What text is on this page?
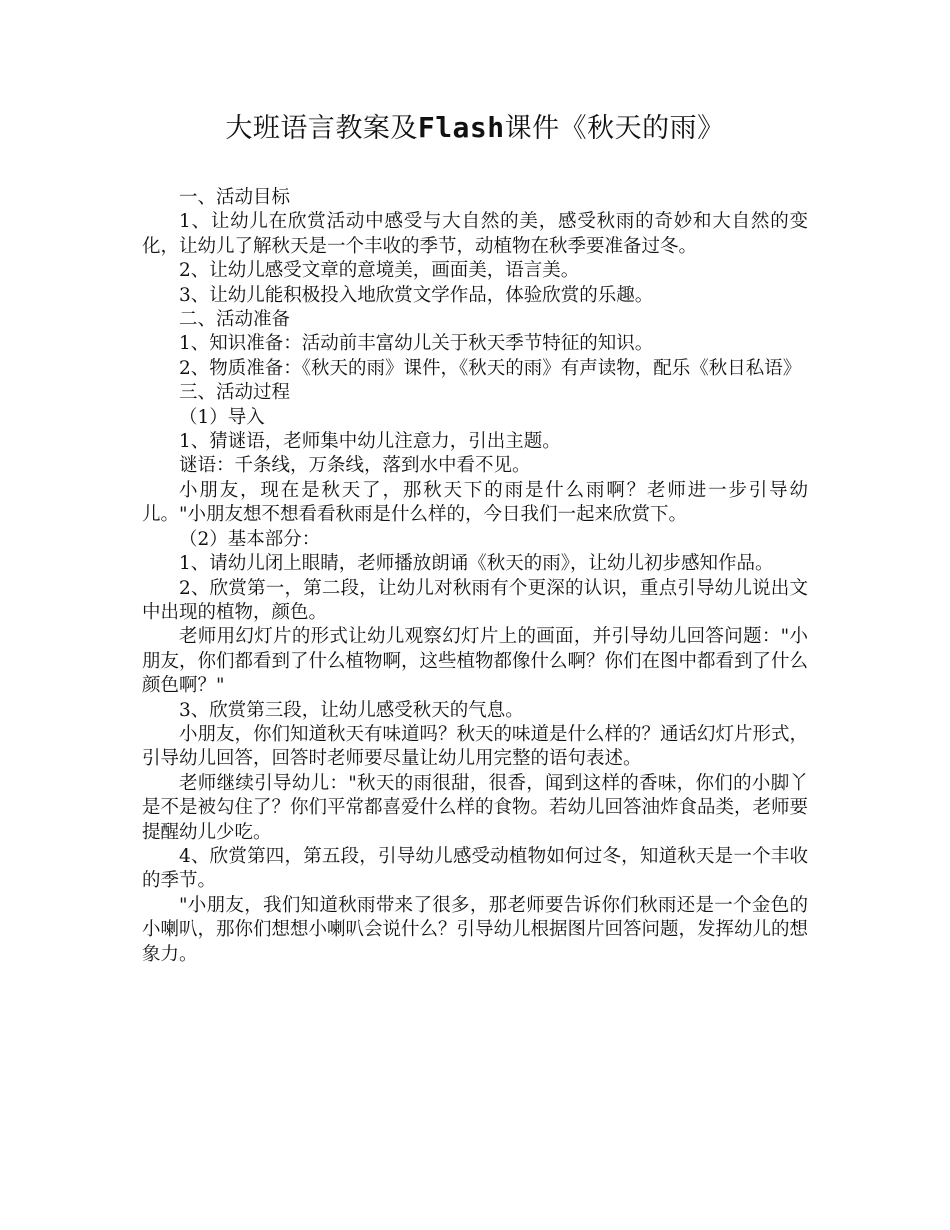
大班语言教案及Flash课件《秋天的雨》

一、活动目标

1、让幼儿在欣赏活动中感受与大自然的美，感受秋雨的奇妙和大自然的变化，让幼儿了解秋天是一个丰收的季节，动植物在秋季要准备过冬。

2、让幼儿感受文章的意境美，画面美，语言美。

3、让幼儿能积极投入地欣赏文学作品，体验欣赏的乐趣。

二、活动准备

1、知识准备：活动前丰富幼儿关于秋天季节特征的知识。

2、物质准备：《秋天的雨》课件，《秋天的雨》有声读物，配乐《秋日私语》

三、活动过程

（1）导入

1、猜谜语，老师集中幼儿注意力，引出主题。

谜语：千条线，万条线，落到水中看不见。

小朋友，现在是秋天了，那秋天下的雨是什么雨啊？老师进一步引导幼儿。"小朋友想不想看看秋雨是什么样的，今日我们一起来欣赏下。

（2）基本部分：

1、请幼儿闭上眼睛，老师播放朗诵《秋天的雨》，让幼儿初步感知作品。

2、欣赏第一，第二段，让幼儿对秋雨有个更深的认识，重点引导幼儿说出文中出现的植物，颜色。

老师用幻灯片的形式让幼儿观察幻灯片上的画面，并引导幼儿回答问题："小朋友，你们都看到了什么植物啊，这些植物都像什么啊？你们在图中都看到了什么颜色啊？"

3、欣赏第三段，让幼儿感受秋天的气息。

小朋友，你们知道秋天有味道吗？秋天的味道是什么样的？通话幻灯片形式，引导幼儿回答，回答时老师要尽量让幼儿用完整的语句表述。

老师继续引导幼儿："秋天的雨很甜，很香，闻到这样的香味，你们的小脚丫是不是被勾住了？你们平常都喜爱什么样的食物。若幼儿回答油炸食品类，老师要提醒幼儿少吃。

4、欣赏第四，第五段，引导幼儿感受动植物如何过冬，知道秋天是一个丰收的季节。

"小朋友，我们知道秋雨带来了很多，那老师要告诉你们秋雨还是一个金色的小喇叭，那你们想想小喇叭会说什么？引导幼儿根据图片回答问题，发挥幼儿的想象力。
